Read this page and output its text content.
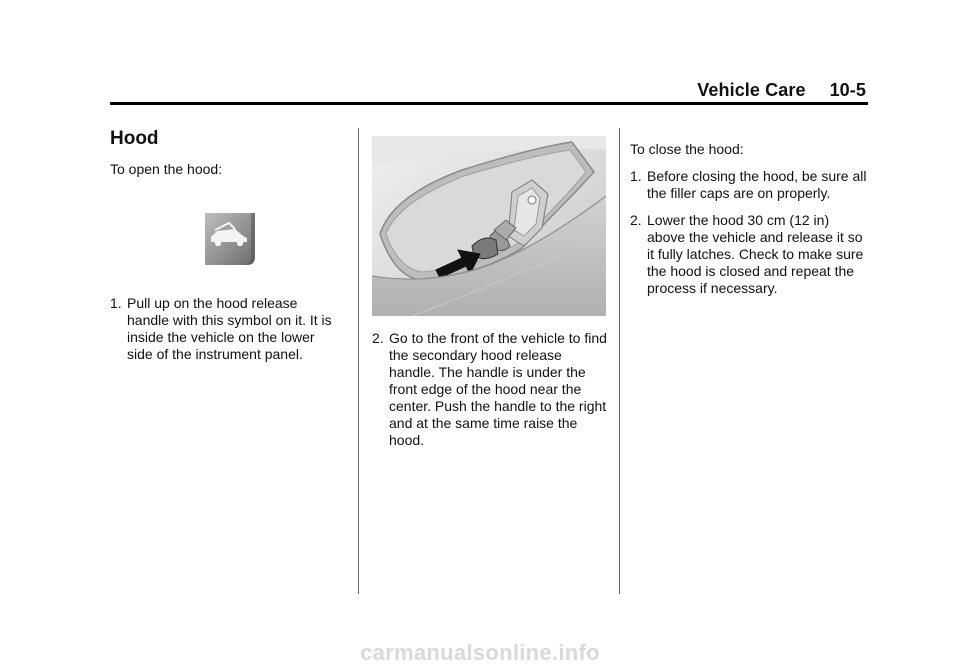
Vehicle Care 10-5
Hood

To open the hood:

1. Pull up on the hood release handle with this symbol on it. It is inside the vehicle on the lower side of the instrument panel.
2. Go to the front of the vehicle to find the secondary hood release handle. The handle is under the front edge of the hood near the center. Push the handle to the right and at the same time raise the hood.

To close the hood:

1. Before closing the hood, be sure all the filler caps are on properly.
2. Lower the hood 30 cm (12 in) above the vehicle and release it so it fully latches. Check to make sure the hood is closed and repeat the process if necessary.
carmanualsonline.info
